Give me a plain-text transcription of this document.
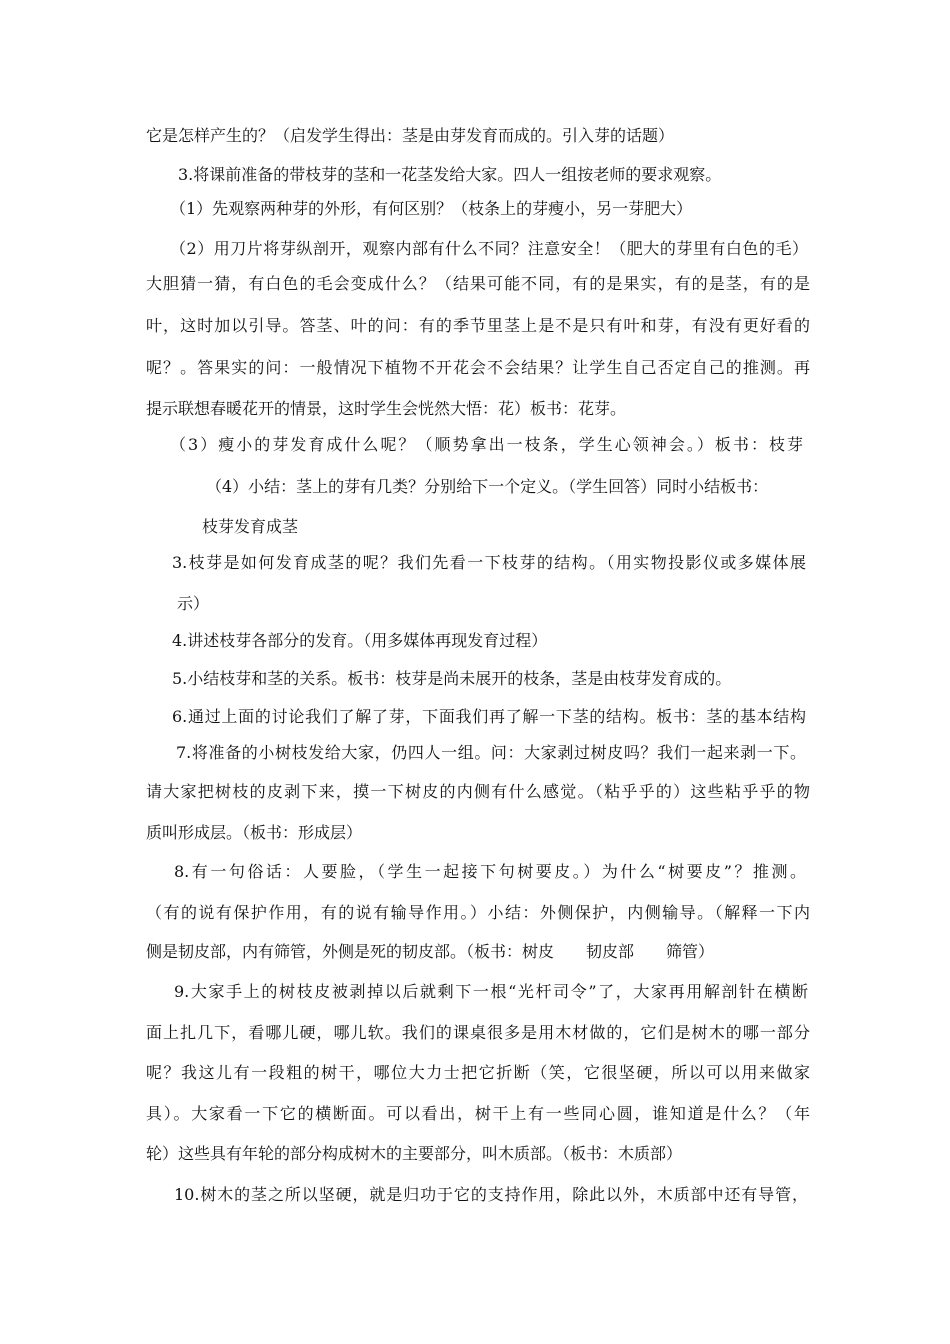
它是怎样产生的？（启发学生得出：茎是由芽发育而成的。引入芽的话题）
3.将课前准备的带枝芽的茎和一花茎发给大家。四人一组按老师的要求观察。
（1）先观察两种芽的外形，有何区别？（枝条上的芽瘦小，另一芽肥大）
（2）用刀片将芽纵剖开，观察内部有什么不同？注意安全！（肥大的芽里有白色的毛）
大胆猜一猜，有白色的毛会变成什么？（结果可能不同，有的是果实，有的是茎，有的是
叶，这时加以引导。答茎、叶的问：有的季节里茎上是不是只有叶和芽，有没有更好看的
呢？。答果实的问：一般情况下植物不开花会不会结果？让学生自己否定自己的推测。再
提示联想春暖花开的情景，这时学生会恍然大悟：花）板书：花芽。
（3）瘦小的芽发育成什么呢？（顺势拿出一枝条，学生心领神会。）板书：枝芽
（4）小结：茎上的芽有几类？分别给下一个定义。（学生回答）同时小结板书：
枝芽发育成茎
3.枝芽是如何发育成茎的呢？我们先看一下枝芽的结构。（用实物投影仪或多媒体展
示）
4.讲述枝芽各部分的发育。（用多媒体再现发育过程）
5.小结枝芽和茎的关系。板书：枝芽是尚未展开的枝条，茎是由枝芽发育成的。
6.通过上面的讨论我们了解了芽，下面我们再了解一下茎的结构。板书：茎的基本结构
7.将准备的小树枝发给大家，仍四人一组。问：大家剥过树皮吗？我们一起来剥一下。
请大家把树枝的皮剥下来，摸一下树皮的内侧有什么感觉。（粘乎乎的）这些粘乎乎的物
质叫形成层。（板书：形成层）
8.有一句俗话：人要脸，（学生一起接下句树要皮。）为什么“树要皮”？推测。
（有的说有保护作用，有的说有输导作用。）小结：外侧保护，内侧输导。（解释一下内
侧是韧皮部，内有筛管，外侧是死的韧皮部。（板书：树皮　　韧皮部　　筛管）
9.大家手上的树枝皮被剥掉以后就剩下一根“光杆司令”了，大家再用解剖针在横断
面上扎几下，看哪儿硬，哪儿软。我们的课桌很多是用木材做的，它们是树木的哪一部分
呢？我这儿有一段粗的树干，哪位大力士把它折断（笑，它很坚硬，所以可以用来做家
具）。大家看一下它的横断面。可以看出，树干上有一些同心圆，谁知道是什么？（年
轮）这些具有年轮的部分构成树木的主要部分，叫木质部。（板书：木质部）
10.树木的茎之所以坚硬，就是归功于它的支持作用，除此以外，木质部中还有导管，
